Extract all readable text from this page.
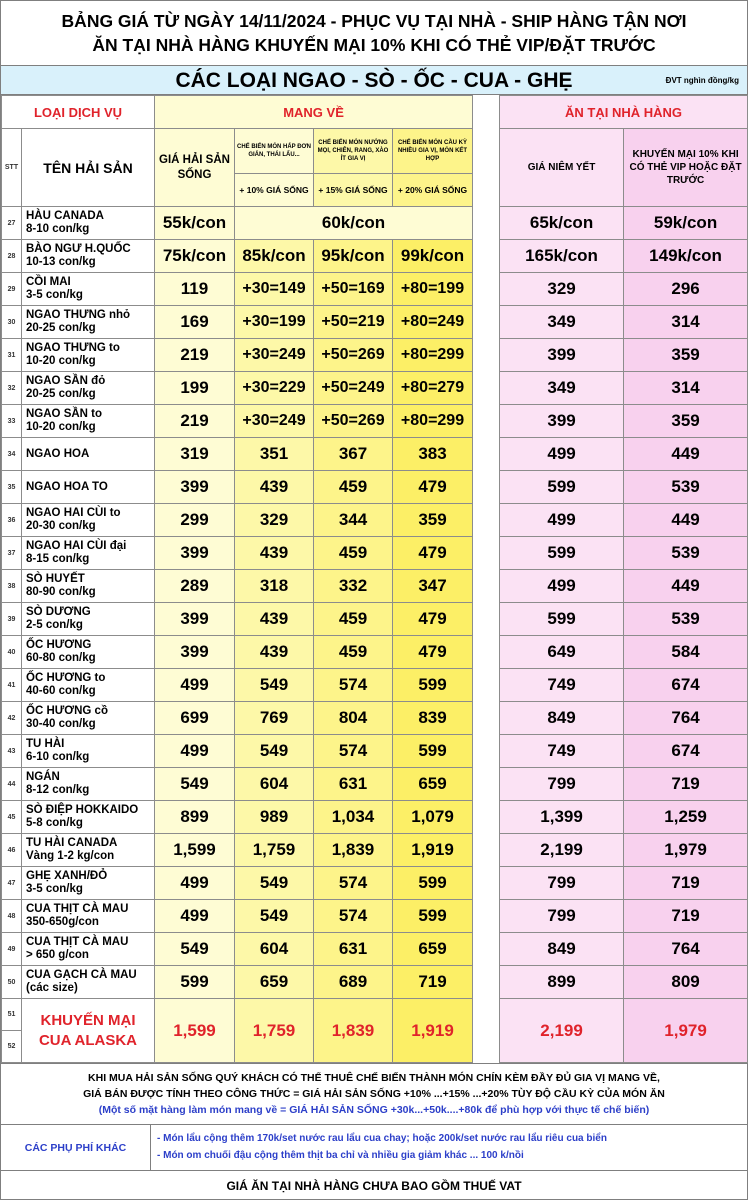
BẢNG GIÁ TỪ NGÀY 14/11/2024 - PHỤC VỤ TẠI NHÀ - SHIP HÀNG TẬN NƠI
ĂN TẠI NHÀ HÀNG KHUYẾN MẠI 10% KHI CÓ THẺ VIP/ĐẶT TRƯỚC
CÁC LOẠI NGAO - SÒ - ỐC - CUA - GHẸ	ĐVT nghìn đồng/kg
LOẠI DỊCH VỤ		MANG VỀ					ĂN TẠI NHÀ HÀNG	
STT	TÊN HẢI SẢN	GIÁ HẢI SẢN SỐNG	CHẾ BIẾN MÓN HẤP ĐƠN GIẢN, THÁI LẨU...	CHẾ BIẾN MÓN NƯỚNG MỌI, CHIÊN, RANG, XÀO ÍT GIA VỊ	CHẾ BIẾN MÓN CẦU KỲ NHIỀU GIA VỊ, MÓN KẾT HỢP		GIÁ NIÊM YẾT	KHUYẾN MẠI 10% KHI CÓ THẺ VIP HOẶC ĐẶT TRƯỚC
			+ 10% GIÁ SỐNG	+ 15% GIÁ SỐNG	+ 20% GIÁ SỐNG			
27	HÀU CANADA
8-10 con/kg	55k/con	60k/con				65k/con	59k/con
28	BÀO NGƯ H.QUỐC
10-13 con/kg	75k/con	85k/con	95k/con	99k/con		165k/con	149k/con
29	CỒI MAI
3-5 con/kg	119	+30=149	+50=169	+80=199		329	296
30	NGAO THƯNG nhỏ
20-25 con/kg	169	+30=199	+50=219	+80=249		349	314
31	NGAO THƯNG to
10-20 con/kg	219	+30=249	+50=269	+80=299		399	359
32	NGAO SẦN đỏ
20-25 con/kg	199	+30=229	+50=249	+80=279		349	314
33	NGAO SẦN to
10-20 con/kg	219	+30=249	+50=269	+80=299		399	359
34	NGAO HOA	319	351	367	383		499	449
35	NGAO HOA TO	399	439	459	479		599	539
36	NGAO HAI CÙI to
20-30 con/kg	299	329	344	359		499	449
37	NGAO HAI CÙI đại
8-15 con/kg	399	439	459	479		599	539
38	SÒ HUYẾT
80-90 con/kg	289	318	332	347		499	449
39	SÒ DƯƠNG
2-5 con/kg	399	439	459	479		599	539
40	ỐC HƯƠNG
60-80 con/kg	399	439	459	479		649	584
41	ỐC HƯƠNG to
40-60 con/kg	499	549	574	599		749	674
42	ỐC HƯƠNG cồ
30-40 con/kg	699	769	804	839		849	764
43	TU HÀI
6-10 con/kg	499	549	574	599		749	674
44	NGÁN
8-12 con/kg	549	604	631	659		799	719
45	SÒ ĐIỆP HOKKAIDO
5-8 con/kg	899	989	1,034	1,079		1,399	1,259
46	TU HÀI CANADA
Vàng 1-2 kg/con	1,599	1,759	1,839	1,919		2,199	1,979
47	GHẸ XANH/ĐỎ
3-5 con/kg	499	549	574	599		799	719
48	CUA THỊT CÀ MAU
350-650g/con	499	549	574	599		799	719
49	CUA THỊT CÀ MAU
> 650 g/con	549	604	631	659		849	764
50	CUA GẠCH CÀ MAU
(các size)	599	659	689	719		899	809
51	KHUYẾN MẠI
CUA ALASKA	1,599	1,759	1,839	1,919		2,199	1,979
52								
KHI MUA HẢI SẢN SỐNG QUÝ KHÁCH CÓ THỂ THUÊ CHẾ BIẾN THÀNH MÓN CHÍN KÈM ĐẦY ĐỦ GIA VỊ MANG VỀ,
GIÁ BÁN ĐƯỢC TÍNH THEO CÔNG THỨC = GIÁ HẢI SẢN SỐNG +10% ...+15% ...+20% TÙY ĐỘ CẦU KỲ CỦA MÓN ĂN
(Một số mặt hàng làm món mang về = GIÁ HẢI SẢN SỐNG +30k...+50k....+80k để phù hợp với thực tế chế biến)
CÁC PHỤ PHÍ KHÁC
- Món lẩu cộng thêm 170k/set nước rau lẩu cua chay; hoặc 200k/set nước rau lẩu riêu cua biển
- Món om chuối đậu cộng thêm thịt ba chỉ và nhiều gia giảm khác ... 100 k/nồi
GIÁ ĂN TẠI NHÀ HÀNG CHƯA BAO GỒM THUẾ VAT
